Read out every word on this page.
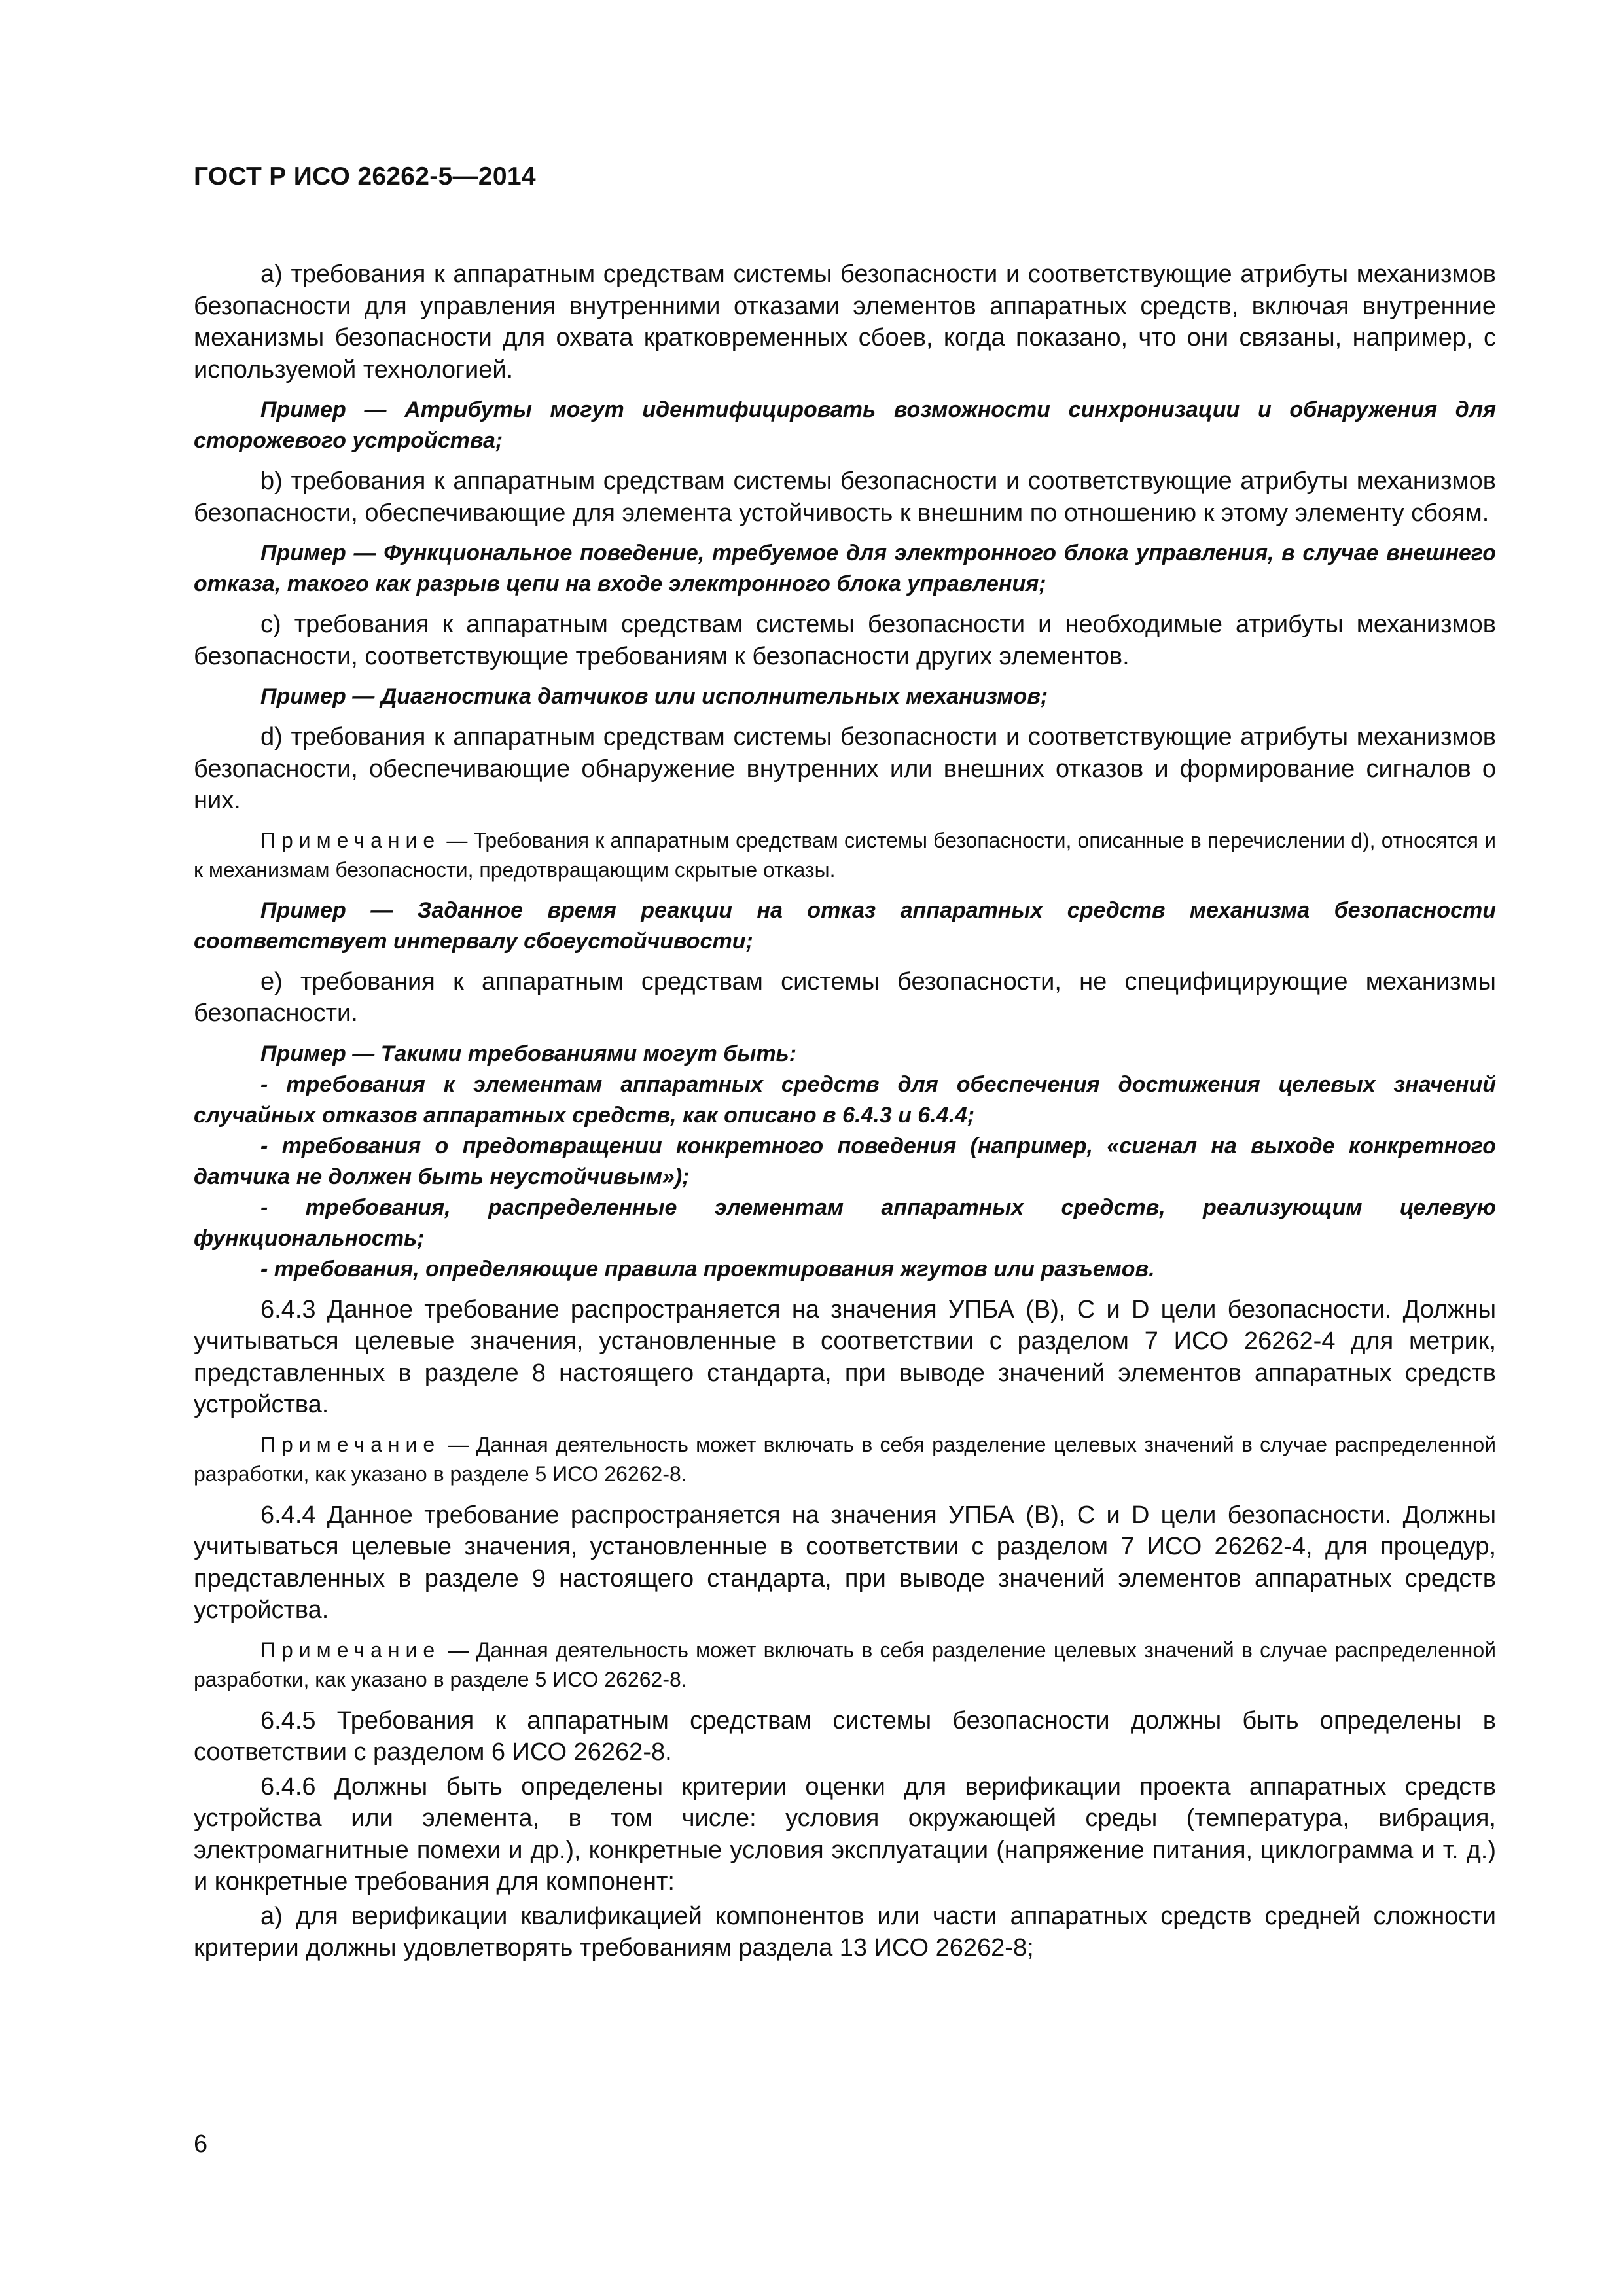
ГОСТ Р ИСО 26262-5—2014

а) требования к аппаратным средствам системы безопасности и соответствующие атрибуты механизмов безопасности для управления внутренними отказами элементов аппаратных средств, включая внутренние механизмы безопасности для охвата кратковременных сбоев, когда показано, что они связаны, например, с используемой технологией.

Пример — Атрибуты могут идентифицировать возможности синхронизации и обнаружения для сторожевого устройства;

b) требования к аппаратным средствам системы безопасности и соответствующие атрибуты механизмов безопасности, обеспечивающие для элемента устойчивость к внешним по отношению к этому элементу сбоям.

Пример — Функциональное поведение, требуемое для электронного блока управления, в случае внешнего отказа, такого как разрыв цепи на входе электронного блока управления;

c) требования к аппаратным средствам системы безопасности и необходимые атрибуты механизмов безопасности, соответствующие требованиям к безопасности других элементов.

Пример — Диагностика датчиков или исполнительных механизмов;

d) требования к аппаратным средствам системы безопасности и соответствующие атрибуты механизмов безопасности, обеспечивающие обнаружение внутренних или внешних отказов и формирование сигналов о них.

Примечание — Требования к аппаратным средствам системы безопасности, описанные в перечислении d), относятся и к механизмам безопасности, предотвращающим скрытые отказы.

Пример — Заданное время реакции на отказ аппаратных средств механизма безопасности соответствует интервалу сбоеустойчивости;

e) требования к аппаратным средствам системы безопасности, не специфицирующие механизмы безопасности.

Пример — Такими требованиями могут быть:

- требования к элементам аппаратных средств для обеспечения достижения целевых значений случайных отказов аппаратных средств, как описано в 6.4.3 и 6.4.4;

- требования о предотвращении конкретного поведения (например, «сигнал на выходе конкретного датчика не должен быть неустойчивым»);

- требования, распределенные элементам аппаратных средств, реализующим целевую функциональность;

- требования, определяющие правила проектирования жгутов или разъемов.

6.4.3 Данное требование распространяется на значения УПБА (B), C и D цели безопасности. Должны учитываться целевые значения, установленные в соответствии с разделом 7 ИСО 26262-4 для метрик, представленных в разделе 8 настоящего стандарта, при выводе значений элементов аппаратных средств устройства.

Примечание — Данная деятельность может включать в себя разделение целевых значений в случае распределенной разработки, как указано в разделе 5 ИСО 26262-8.

6.4.4 Данное требование распространяется на значения УПБА (B), C и D цели безопасности. Должны учитываться целевые значения, установленные в соответствии с разделом 7 ИСО 26262-4, для процедур, представленных в разделе 9 настоящего стандарта, при выводе значений элементов аппаратных средств устройства.

Примечание — Данная деятельность может включать в себя разделение целевых значений в случае распределенной разработки, как указано в разделе 5 ИСО 26262-8.

6.4.5 Требования к аппаратным средствам системы безопасности должны быть определены в соответствии с разделом 6 ИСО 26262-8.

6.4.6 Должны быть определены критерии оценки для верификации проекта аппаратных средств устройства или элемента, в том числе: условия окружающей среды (температура, вибрация, электромагнитные помехи и др.), конкретные условия эксплуатации (напряжение питания, циклограмма и т. д.) и конкретные требования для компонент:

а) для верификации квалификацией компонентов или части аппаратных средств средней сложности критерии должны удовлетворять требованиям раздела 13 ИСО 26262-8;

6
